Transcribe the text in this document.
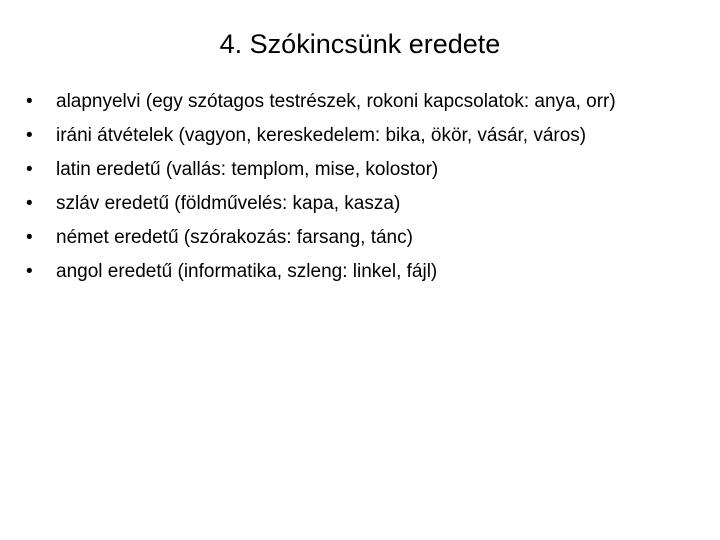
4. Szókincsünk eredete
•	alapnyelvi (egy szótagos testrészek, rokoni kapcsolatok: anya, orr)
•	iráni átvételek (vagyon, kereskedelem: bika, ökör, vásár, város)
•	latin eredetű (vallás: templom, mise, kolostor)
•	szláv eredetű (földművelés: kapa, kasza)
•	német eredetű (szórakozás: farsang, tánc)
•	angol eredetű (informatika, szleng: linkel, fájl)
